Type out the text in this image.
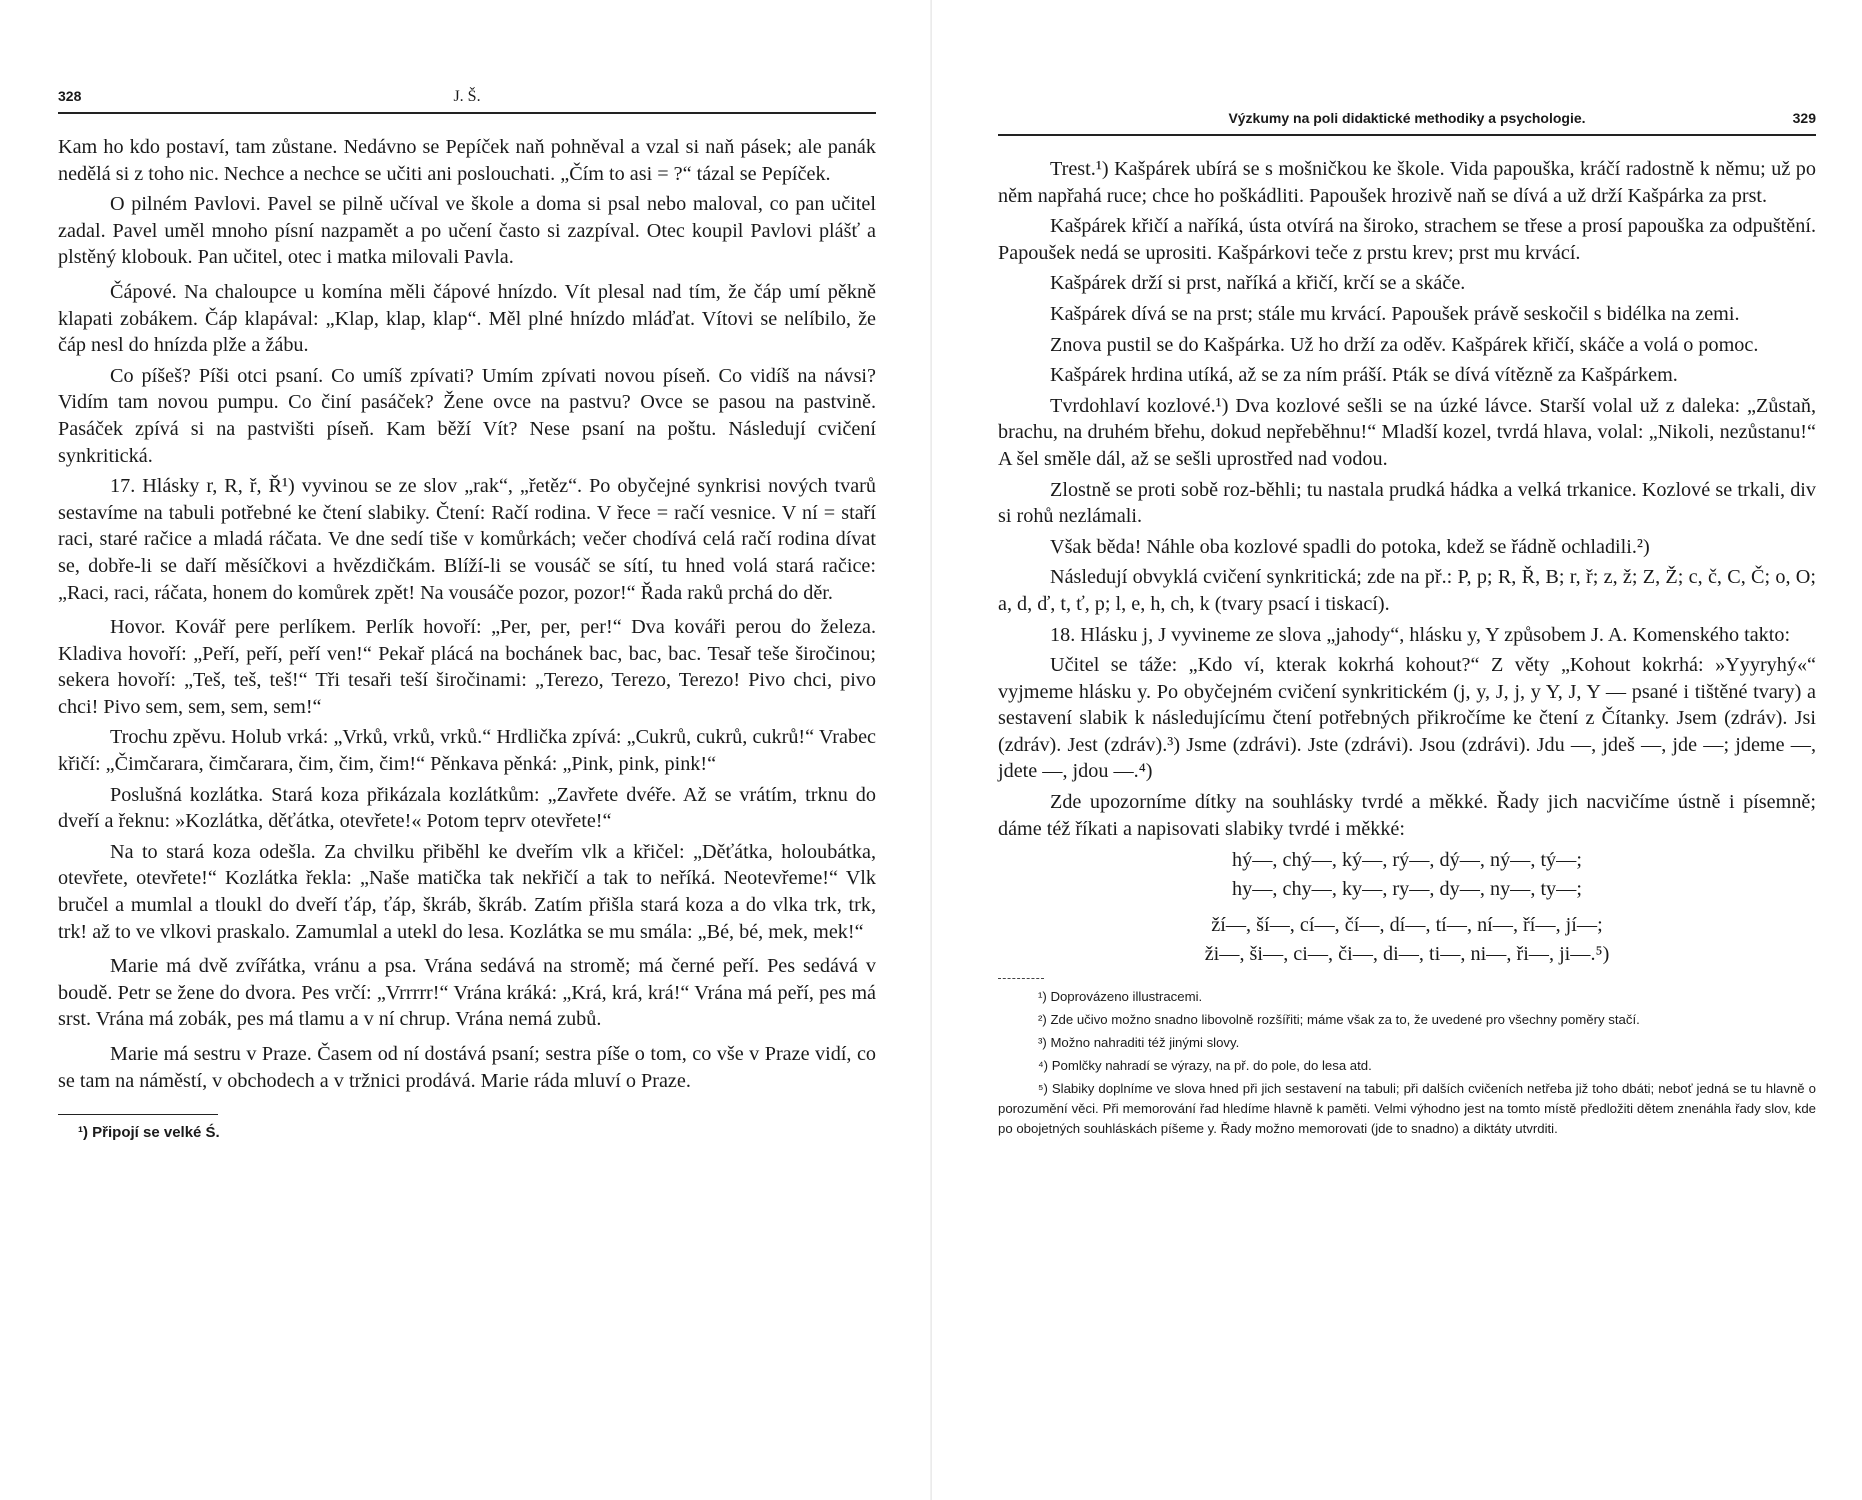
328	J. Š.

Kam ho kdo postaví, tam zůstane. Nedávno se Pepíček naň pohněval a vzal si naň pásek; ale panák nedělá si z toho nic. Nechce a nechce se učiti ani poslouchati. „Čím to asi = ?“ tázal se Pepíček.

O pilném Pavlovi. Pavel se pilně učíval ve škole a doma si psal nebo maloval, co pan učitel zadal. Pavel uměl mnoho písní nazpamět a po učení často si zazpíval. Otec koupil Pavlovi plášť a plstěný klobouk. Pan učitel, otec i matka milovali Pavla.

Čápové. Na chaloupce u komína měli čápové hnízdo. Vít plesal nad tím, že čáp umí pěkně klapati zobákem. Čáp klapával: „Klap, klap, klap“. Měl plné hnízdo mláďat. Vítovi se nelíbilo, že čáp nesl do hnízda plže a žábu.

Co píšeš? Píši otci psaní. Co umíš zpívati? Umím zpívati novou píseň. Co vidíš na návsi? Vidím tam novou pumpu. Co činí pasáček? Žene ovce na pastvu? Ovce se pasou na pastvině. Pasáček zpívá si na pastvišti píseň. Kam běží Vít? Nese psaní na poštu. Následují cvičení synkritická.

17. Hlásky r, R, ř, Ř¹) vyvinou se ze slov „rak“, „řetěz“. Po obyčejné synkrisi nových tvarů sestavíme na tabuli potřebné ke čtení slabiky. Čtení: Račí rodina. V řece = račí vesnice. V ní = staří raci, staré račice a mladá ráčata. Ve dne sedí tiše v komůrkách; večer chodívá celá račí rodina dívat se, dobře-li se daří měsíčkovi a hvězdičkám. Blíží-li se vousáč se sítí, tu hned volá stará račice: „Raci, raci, ráčata, honem do komůrek zpět! Na vousáče pozor, pozor!“ Řada raků prchá do děr.

Hovor. Kovář pere perlíkem. Perlík hovoří: „Per, per, per!“ Dva kováři perou do železa. Kladiva hovoří: „Peří, peří, peří ven!“ Pekař plácá na bochánek bac, bac, bac. Tesař teše širočinou; sekera hovoří: „Teš, teš, teš!“ Tři tesaři teší širočinami: „Terezo, Terezo, Terezo! Pivo chci, pivo chci! Pivo sem, sem, sem, sem!“

Trochu zpěvu. Holub vrká: „Vrků, vrků, vrků.“ Hrdlička zpívá: „Cukrů, cukrů, cukrů!“ Vrabec křičí: „Čimčarara, čimčarara, čim, čim, čim!“ Pěnkava pěnká: „Pink, pink, pink!“

Poslušná kozlátka. Stará koza přikázala kozlátkům: „Zavřete dvéře. Až se vrátím, trknu do dveří a řeknu: »Kozlátka, děťátka, otevřete!« Potom teprv otevřete!“

Na to stará koza odešla. Za chvilku přiběhl ke dveřím vlk a křičel: „Děťátka, holoubátka, otevřete, otevřete!“ Kozlátka řekla: „Naše matička tak nekřičí a tak to neříká. Neotevřeme!“ Vlk bručel a mumlal a tloukl do dveří ťáp, ťáp, škráb, škráb. Zatím přišla stará koza a do vlka trk, trk, trk! až to ve vlkovi praskalo. Zamumlal a utekl do lesa. Kozlátka se mu smála: „Bé, bé, mek, mek!“

Marie má dvě zvířátka, vránu a psa. Vrána sedává na stromě; má černé peří. Pes sedává v boudě. Petr se žene do dvora. Pes vrčí: „Vrrrrr!“ Vrána kráká: „Krá, krá, krá!“ Vrána má peří, pes má srst. Vrána má zobák, pes má tlamu a v ní chrup. Vrána nemá zubů.

Marie má sestru v Praze. Časem od ní dostává psaní; sestra píše o tom, co vše v Praze vidí, co se tam na náměstí, v obchodech a v tržnici prodává. Marie ráda mluví o Praze.

¹) Připojí se velké Ś.

Výzkumy na poli didaktické methodiky a psychologie.	329

Trest.¹) Kašpárek ubírá se s mošničkou ke škole. Vida papouška, kráčí radostně k němu; už po něm napřahá ruce; chce ho poškádliti. Papoušek hrozivě naň se dívá a už drží Kašpárka za prst.

Kašpárek křičí a naříká, ústa otvírá na široko, strachem se třese a prosí papouška za odpuštění. Papoušek nedá se uprositi. Kašpárkovi teče z prstu krev; prst mu krvácí.

Kašpárek drží si prst, naříká a křičí, krčí se a skáče.

Kašpárek dívá se na prst; stále mu krvácí. Papoušek právě seskočil s bidélka na zemi.

Znova pustil se do Kašpárka. Už ho drží za oděv. Kašpárek křičí, skáče a volá o pomoc.

Kašpárek hrdina utíká, až se za ním práší. Pták se dívá vítězně za Kašpárkem.

Tvrdohlaví kozlové.¹) Dva kozlové sešli se na úzké lávce. Starší volal už z daleka: „Zůstaň, brachu, na druhém břehu, dokud nepřeběhnu!“ Mladší kozel, tvrdá hlava, volal: „Nikoli, nezůstanu!“ A šel směle dál, až se sešli uprostřed nad vodou.

Zlostně se proti sobě roz-běhli; tu nastala prudká hádka a velká trkanice. Kozlové se trkali, div si rohů nezlámali.

Však běda! Náhle oba kozlové spadli do potoka, kdež se řádně ochladili.²)

Následují obvyklá cvičení synkritická; zde na př.: P, p; R, Ř, B; r, ř; z, ž; Z, Ž; c, č, C, Č; o, O; a, d, ď, t, ť, p; l, e, h, ch, k (tvary psací i tiskací).

18. Hlásku j, J vyvineme ze slova „jahody“, hlásku y, Y způsobem J. A. Komenského takto:

Učitel se táže: „Kdo ví, kterak kokrhá kohout?“ Z věty „Kohout kokrhá: »Yyyryhý«“ vyjmeme hlásku y. Po obyčejném cvičení synkritickém (j, y, J, j, y Y, J, Y — psané i tištěné tvary) a sestavení slabik k následujícímu čtení potřebných přikročíme ke čtení z Čítanky. Jsem (zdráv). Jsi (zdráv). Jest (zdráv).³) Jsme (zdrávi). Jste (zdrávi). Jsou (zdrávi). Jdu —, jdeš —, jde —; jdeme —, jdete —, jdou —.⁴)

Zde upozorníme dítky na souhlásky tvrdé a měkké. Řady jich nacvičíme ústně i písemně; dáme též říkati a napisovati slabiky tvrdé i měkké:

hý—, chý—, ký—, rý—, dý—, ný—, tý—;
hy—, chy—, ky—, ry—, dy—, ny—, ty—;
ží—, ší—, cí—, čí—, dí—, tí—, ní—, ří—, jí—;
ži—, ši—, ci—, či—, di—, ti—, ni—, ři—, ji—.⁵)

¹) Doprovázeno illustracemi.

²) Zde učivo možno snadno libovolně rozšířiti; máme však za to, že uvedené pro všechny poměry stačí.

³) Možno nahraditi též jinými slovy.

⁴) Pomlčky nahradí se výrazy, na př. do pole, do lesa atd.

⁵) Slabiky doplníme ve slova hned při jich sestavení na tabuli; při dalších cvičeních netřeba již toho dbáti; neboť jedná se tu hlavně o porozumění věci. Při memorování řad hledíme hlavně k paměti. Velmi výhodno jest na tomto místě předložiti dětem znenáhla řady slov, kde po obojetných souhláskách píšeme y. Řady možno memorovati (jde to snadno) a diktáty utvrditi.
